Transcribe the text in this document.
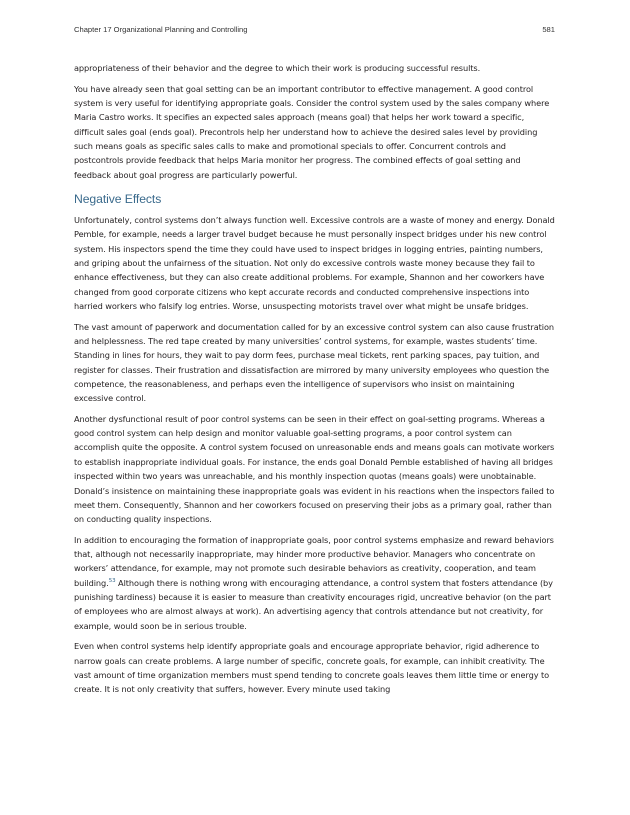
Chapter 17 Organizational Planning and Controlling	581

appropriateness of their behavior and the degree to which their work is producing successful results.

You have already seen that goal setting can be an important contributor to effective management. A good control system is very useful for identifying appropriate goals. Consider the control system used by the sales company where Maria Castro works. It specifies an expected sales approach (means goal) that helps her work toward a specific, difficult sales goal (ends goal). Precontrols help her understand how to achieve the desired sales level by providing such means goals as specific sales calls to make and promotional specials to offer. Concurrent controls and postcontrols provide feedback that helps Maria monitor her progress. The combined effects of goal setting and feedback about goal progress are particularly powerful.

Negative Effects

Unfortunately, control systems don’t always function well. Excessive controls are a waste of money and energy. Donald Pemble, for example, needs a larger travel budget because he must personally inspect bridges under his new control system. His inspectors spend the time they could have used to inspect bridges in logging entries, painting numbers, and griping about the unfairness of the situation. Not only do excessive controls waste money because they fail to enhance effectiveness, but they can also create additional problems. For example, Shannon and her coworkers have changed from good corporate citizens who kept accurate records and conducted comprehensive inspections into harried workers who falsify log entries. Worse, unsuspecting motorists travel over what might be unsafe bridges.

The vast amount of paperwork and documentation called for by an excessive control system can also cause frustration and helplessness. The red tape created by many universities’ control systems, for example, wastes students’ time. Standing in lines for hours, they wait to pay dorm fees, purchase meal tickets, rent parking spaces, pay tuition, and register for classes. Their frustration and dissatisfaction are mirrored by many university employees who question the competence, the reasonableness, and perhaps even the intelligence of supervisors who insist on maintaining excessive control.

Another dysfunctional result of poor control systems can be seen in their effect on goal-setting programs. Whereas a good control system can help design and monitor valuable goal-setting programs, a poor control system can accomplish quite the opposite. A control system focused on unreasonable ends and means goals can motivate workers to establish inappropriate individual goals. For instance, the ends goal Donald Pemble established of having all bridges inspected within two years was unreachable, and his monthly inspection quotas (means goals) were unobtainable. Donald’s insistence on maintaining these inappropriate goals was evident in his reactions when the inspectors failed to meet them. Consequently, Shannon and her coworkers focused on preserving their jobs as a primary goal, rather than on conducting quality inspections.

In addition to encouraging the formation of inappropriate goals, poor control systems emphasize and reward behaviors that, although not necessarily inappropriate, may hinder more productive behavior. Managers who concentrate on workers’ attendance, for example, may not promote such desirable behaviors as creativity, cooperation, and team building.$^{53}$ Although there is nothing wrong with encouraging attendance, a control system that fosters attendance (by punishing tardiness) because it is easier to measure than creativity encourages rigid, uncreative behavior (on the part of employees who are almost always at work). An advertising agency that controls attendance but not creativity, for example, would soon be in serious trouble.

Even when control systems help identify appropriate goals and encourage appropriate behavior, rigid adherence to narrow goals can create problems. A large number of specific, concrete goals, for example, can inhibit creativity. The vast amount of time organization members must spend tending to concrete goals leaves them little time or energy to create. It is not only creativity that suffers, however. Every minute used taking
